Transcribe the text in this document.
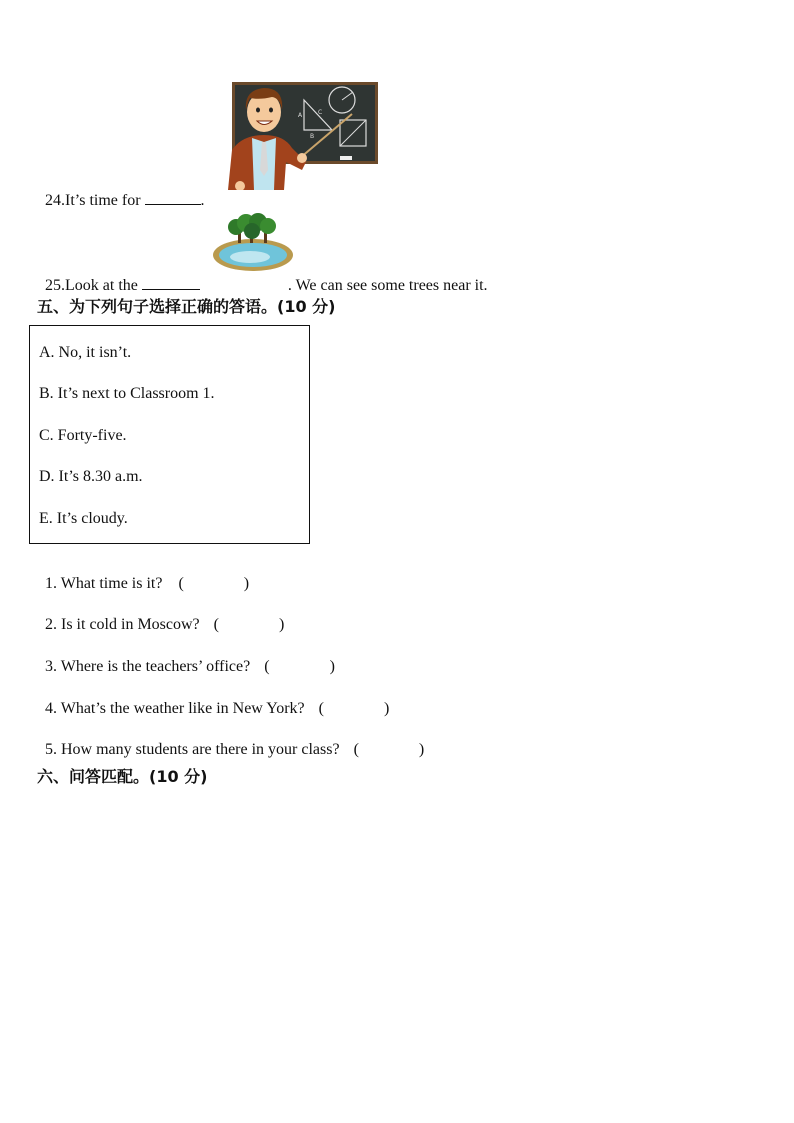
A	C
B

24.It’s time for	.

25.Look at the	. We can see some trees near it.

五、为下列句子选择正确的答语。(10 分)
A. No, it isn’t.
B. It’s next to Classroom 1.
C. Forty-five.
D. It’s 8.30 a.m.
E. It’s cloudy.

1. What time is it? (	)

2. Is it cold in Moscow? (	)

3. Where is the teachers’ office? (	)

4. What’s the weather like in New York? (	)

5. How many students are there in your class? (	)

六、问答匹配。(10 分)
